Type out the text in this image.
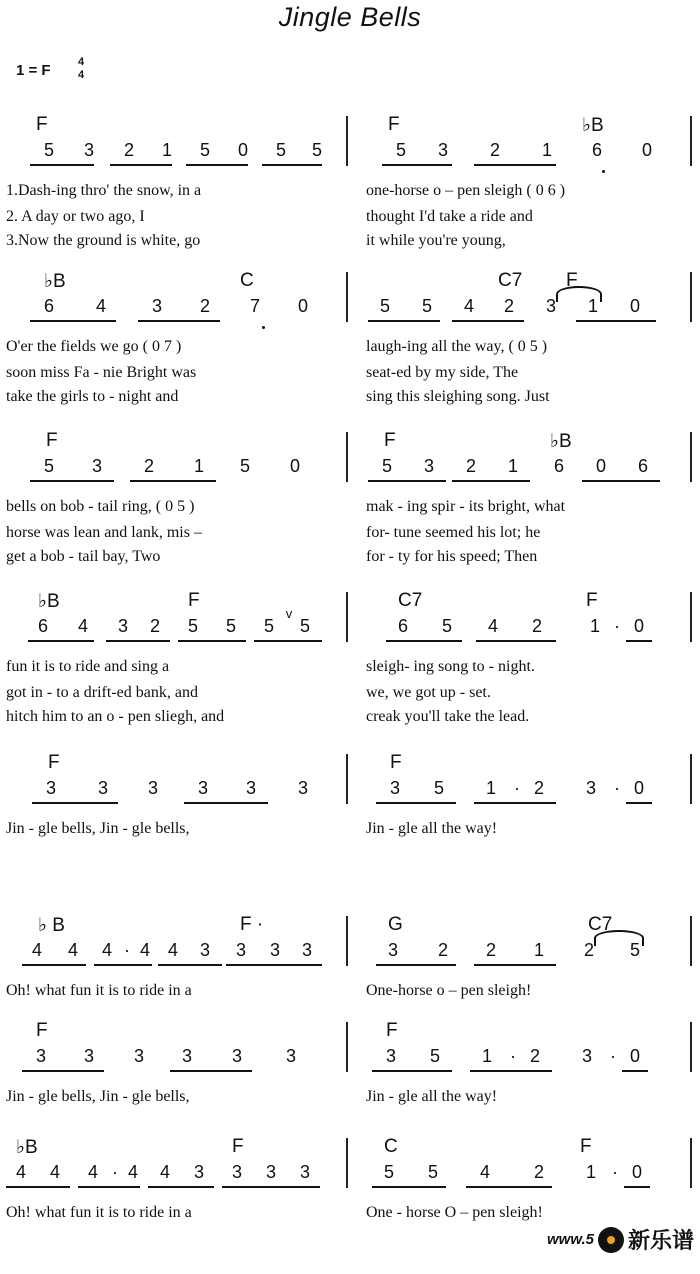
Jingle Bells
1 = F 4
4
F	F	♭B
5	3	2	1	5	0	5	5	5	3	2	1	6	0
1.Dash-ing thro' the snow, in a	one-horse o – pen sleigh ( 0 6 )
2. A day or two ago, I	thought I'd take a ride and
3.Now the ground is white, go	it while you're young,
♭B	C	C7 F
6	4	3	2	7	0	5	5	4	2	3	1	0
O'er the fields we go ( 0 7 )	laugh-ing all the way, ( 0 5 )
soon miss Fa - nie Bright was	seat-ed by my side, The
take the girls to - night and	sing this sleighing song. Just
F	F	♭B
5	3	2	1	5	0	5	3	2	1	6	0	6
bells on bob - tail ring, ( 0 5 )	mak - ing spir - its bright, what
horse was lean and lank, mis –	for- tune seemed his lot; he
get a bob - tail bay, Two	for - ty for his speed; Then
♭B	F	C7	F
6	4	3	2	5	5	5	5	6	5	4	2	1 · 0
v
fun it is to ride and sing a	sleigh- ing song to - night.
got in - to a drift-ed bank, and	we, we got up - set.
hitch him to an o - pen sliegh, and	creak you'll take the lead.
F	F
3	3	3	3	3	3	3	5	1	· 2	3	· 0
Jin - gle bells, Jin - gle bells,	Jin - gle all the way!
♭ B	F ·	G	C7
4	4	4 · 4 4	3	3	3	3	3	2	2	1	2	5
Oh! what fun it is to ride in a	One-horse o – pen sleigh!
F	F
3	3	3	3	3	3	3	5	1	· 2	3	· 0
Jin - gle bells, Jin - gle bells,	Jin - gle all the way!
♭B	F	C	F
4	4	4 · 4	4	3	3	3	3	5	5	4	2	1 · 0
Oh! what fun it is to ride in a	One - horse O – pen sleigh!
www.5 新乐谱
